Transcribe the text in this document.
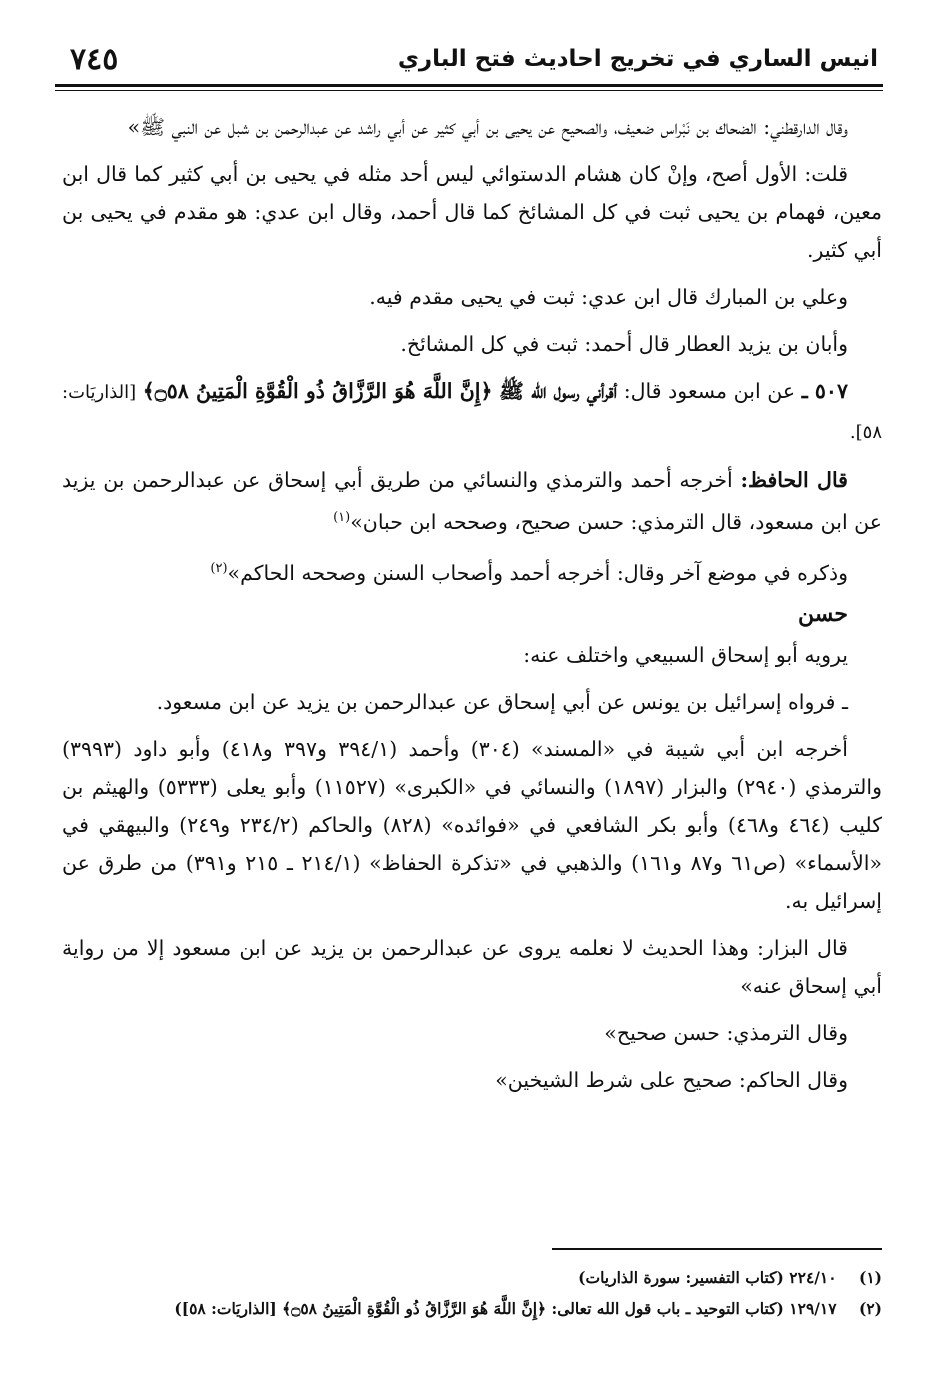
انيس الساري في تخريج احاديث فتح الباري
٧٤٥

وقال الدارقطني: الضحاك بن نَبْراس ضعيف، والصحيح عن يحيى بن أبي كثير عن أبي راشد عن عبدالرحمن بن شبل عن النبي ﷺ»

قلت: الأول أصح، وإنْ كان هشام الدستوائي ليس أحد مثله في يحيى بن أبي كثير كما قال ابن معين، فهمام بن يحيى ثبت في كل المشائخ كما قال أحمد، وقال ابن عدي: هو مقدم في يحيى بن أبي كثير.

وعلي بن المبارك قال ابن عدي: ثبت في يحيى مقدم فيه.

وأبان بن يزيد العطار قال أحمد: ثبت في كل المشائخ.

٥٠٧ ـ عن ابن مسعود قال: أقرأني رسول الله ﷺ ﴿إِنَّ اللَّهَ هُوَ الرَّزَّاقُ ذُو الْقُوَّةِ الْمَتِينُ ۝٥٨﴾ [الذاريَات: ٥٨].

قال الحافظ: أخرجه أحمد والترمذي والنسائي من طريق أبي إسحاق عن عبدالرحمن بن يزيد عن ابن مسعود، قال الترمذي: حسن صحيح، وصححه ابن حبان»$^{(١)}$

وذكره في موضع آخر وقال: أخرجه أحمد وأصحاب السنن وصححه الحاكم»$^{(٢)}$

حسن

يرويه أبو إسحاق السبيعي واختلف عنه:

ـ فرواه إسرائيل بن يونس عن أبي إسحاق عن عبدالرحمن بن يزيد عن ابن مسعود.

أخرجه ابن أبي شيبة في «المسند» (٣٠٤) وأحمد (٣٩٤/١ و٣٩٧ و٤١٨) وأبو داود (٣٩٩٣) والترمذي (٢٩٤٠) والبزار (١٨٩٧) والنسائي في «الكبرى» (١١٥٢٧) وأبو يعلى (٥٣٣٣) والهيثم بن كليب (٤٦٤ و٤٦٨) وأبو بكر الشافعي في «فوائده» (٨٢٨) والحاكم (٢٣٤/٢ و٢٤٩) والبيهقي في «الأسماء» (ص٦١ و٨٧ و١٦١) والذهبي في «تذكرة الحفاظ» (٢١٤/١ ـ ٢١٥ و٣٩١) من طرق عن إسرائيل به.

قال البزار: وهذا الحديث لا نعلمه يروى عن عبدالرحمن بن يزيد عن ابن مسعود إلا من رواية أبي إسحاق عنه»

وقال الترمذي: حسن صحيح»

وقال الحاكم: صحيح على شرط الشيخين»

(١) ٢٢٤/١٠ (كتاب التفسير: سورة الذاريات)
(٢) ١٢٩/١٧ (كتاب التوحيد ـ باب قول الله تعالى: ﴿إِنَّ اللَّهَ هُوَ الرَّزَّاقُ ذُو الْقُوَّةِ الْمَتِينُ ۝٥٨﴾ [الذاريَات: ٥٨])
